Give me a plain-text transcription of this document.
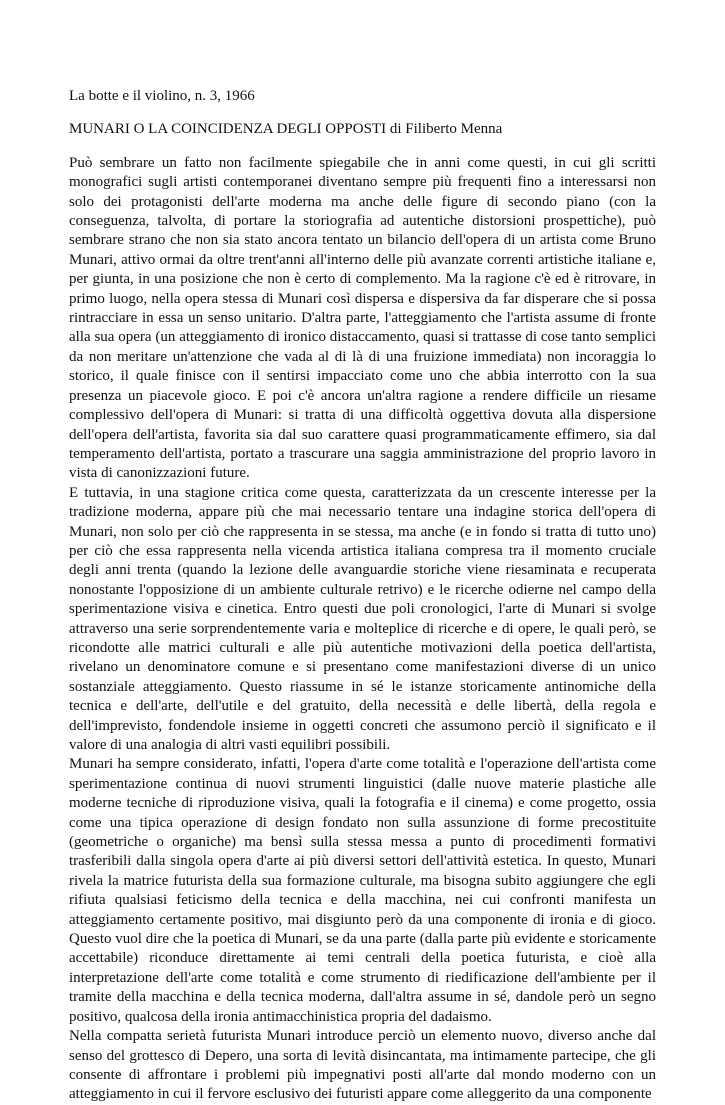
La botte e il violino, n. 3, 1966

MUNARI O LA COINCIDENZA DEGLI OPPOSTI di Filiberto Menna

Può sembrare un fatto non facilmente spiegabile che in anni come questi, in cui gli scritti monografici sugli artisti contemporanei diventano sempre più frequenti fino a interessarsi non solo dei protagonisti dell'arte moderna ma anche delle figure di secondo piano (con la conseguenza, talvolta, di portare la storiografia ad autentiche distorsioni prospettiche), può sembrare strano che non sia stato ancora tentato un bilancio dell'opera di un artista come Bruno Munari, attivo ormai da oltre trent'anni all'interno delle più avanzate correnti artistiche italiane e, per giunta, in una posizione che non è certo di complemento. Ma la ragione c'è ed è ritrovare, in primo luogo, nella opera stessa di Munari così dispersa e dispersiva da far disperare che si possa rintracciare in essa un senso unitario. D'altra parte, l'atteggiamento che l'artista assume di fronte alla sua opera (un atteggiamento di ironico distaccamento, quasi si trattasse di cose tanto semplici da non meritare un'attenzione che vada al di là di una fruizione immediata) non incoraggia lo storico, il quale finisce con il sentirsi impacciato come uno che abbia interrotto con la sua presenza un piacevole gioco. E poi c'è ancora un'altra ragione a rendere difficile un riesame complessivo dell'opera di Munari: si tratta di una difficoltà oggettiva dovuta alla dispersione dell'opera dell'artista, favorita sia dal suo carattere quasi programmaticamente effimero, sia dal temperamento dell'artista, portato a trascurare una saggia amministrazione del proprio lavoro in vista di canonizzazioni future.

E tuttavia, in una stagione critica come questa, caratterizzata da un crescente interesse per la tradizione moderna, appare più che mai necessario tentare una indagine storica dell'opera di Munari, non solo per ciò che rappresenta in se stessa, ma anche (e in fondo si tratta di tutto uno) per ciò che essa rappresenta nella vicenda artistica italiana compresa tra il momento cruciale degli anni trenta (quando la lezione delle avanguardie storiche viene riesaminata e recuperata nonostante l'opposizione di un ambiente culturale retrivo) e le ricerche odierne nel campo della sperimentazione visiva e cinetica. Entro questi due poli cronologici, l'arte di Munari si svolge attraverso una serie sorprendentemente varia e molteplice di ricerche e di opere, le quali però, se ricondotte alle matrici culturali e alle più autentiche motivazioni della poetica dell'artista, rivelano un denominatore comune e si presentano come manifestazioni diverse di un unico sostanziale atteggiamento. Questo riassume in sé le istanze storicamente antinomiche della tecnica e dell'arte, dell'utile e del gratuito, della necessità e delle libertà, della regola e dell'imprevisto, fondendole insieme in oggetti concreti che assumono perciò il significato e il valore di una analogia di altri vasti equilibri possibili.

Munari ha sempre considerato, infatti, l'opera d'arte come totalità e l'operazione dell'artista come sperimentazione continua di nuovi strumenti linguistici (dalle nuove materie plastiche alle moderne tecniche di riproduzione visiva, quali la fotografia e il cinema) e come progetto, ossia come una tipica operazione di design fondato non sulla assunzione di forme precostituite (geometriche o organiche) ma bensì sulla stessa messa a punto di procedimenti formativi trasferibili dalla singola opera d'arte ai più diversi settori dell'attività estetica. In questo, Munari rivela la matrice futurista della sua formazione culturale, ma bisogna subito aggiungere che egli rifiuta qualsiasi feticismo della tecnica e della macchina, nei cui confronti manifesta un atteggiamento certamente positivo, mai disgiunto però da una componente di ironia e di gioco. Questo vuol dire che la poetica di Munari, se da una parte (dalla parte più evidente e storicamente accettabile) riconduce direttamente ai temi centrali della poetica futurista, e cioè alla interpretazione dell'arte come totalità e come strumento di riedificazione dell'ambiente per il tramite della macchina e della tecnica moderna, dall'altra assume in sé, dandole però un segno positivo, qualcosa della ironia antimacchinistica propria del dadaismo.

Nella compatta serietà futurista Munari introduce perciò un elemento nuovo, diverso anche dal senso del grottesco di Depero, una sorta di levità disincantata, ma intimamente partecipe, che gli consente di affrontare i problemi più impegnativi posti all'arte dal mondo moderno con un atteggiamento in cui il fervore esclusivo dei futuristi appare come alleggerito da una componente
